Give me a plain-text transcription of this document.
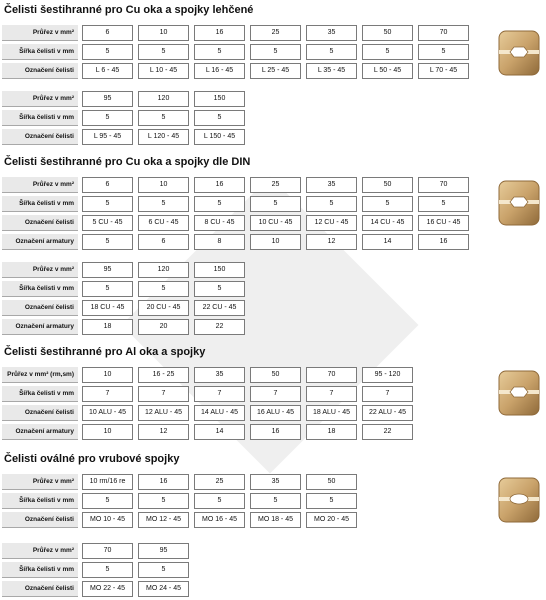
Čelisti šestihranné pro Cu oka a spojky lehčené
Průřez v mm²	6	10	16	25	35	50	70
Šířka čelisti v mm	5	5	5	5	5	5	5
Označení čelisti	L 6 - 45	L 10 - 45	L 16 - 45	L 25 - 45	L 35 - 45	L 50 - 45	L 70 - 45
Průřez v mm²	95	120	150
Šířka čelisti v mm	5	5	5
Označení čelisti	L 95 - 45	L 120 - 45	L 150 - 45
Čelisti šestihranné pro Cu oka a spojky dle DIN
Průřez v mm²	6	10	16	25	35	50	70
Šířka čelisti v mm	5	5	5	5	5	5	5
Označení čelisti	5 CU - 45	6 CU - 45	8 CU - 45	10 CU - 45	12 CU - 45	14 CU - 45	16 CU - 45
Označení armatury	5	6	8	10	12	14	16
Průřez v mm²	95	120	150
Šířka čelisti v mm	5	5	5
Označení čelisti	18 CU - 45	20 CU - 45	22 CU - 45
Označení armatury	18	20	22
Čelisti šestihranné pro Al oka a spojky
Průřez v mm² (rm,sm)	10	16 - 25	35	50	70	95 - 120
Šířka čelisti v mm	7	7	7	7	7	7
Označení čelisti	10 ALU - 45	12 ALU - 45	14 ALU - 45	16 ALU - 45	18 ALU - 45	22 ALU - 45
Označení armatury	10	12	14	16	18	22
Čelisti oválné pro vrubové spojky
Průřez v mm²	10 rm/16 re	16	25	35	50
Šířka čelisti v mm	5	5	5	5	5
Označení čelisti	MO 10 - 45	MO 12 - 45	MO 16 - 45	MO 18 - 45	MO 20 - 45
Průřez v mm²	70	95
Šířka čelisti v mm	5	5
Označení čelisti	MO 22 - 45	MO 24 - 45
